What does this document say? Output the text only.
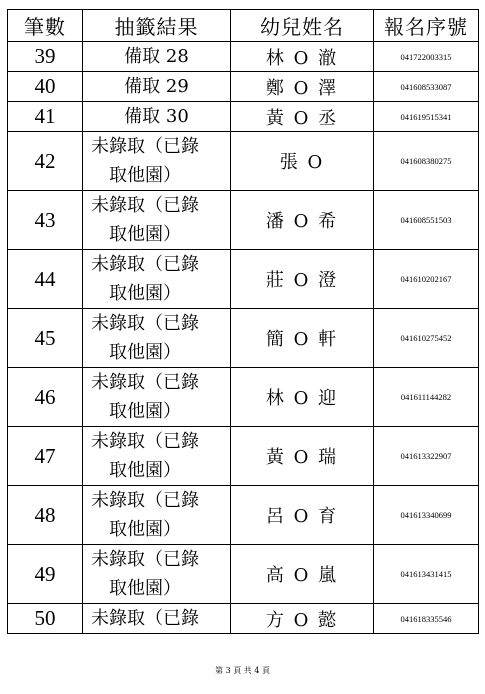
筆數	抽籤結果	幼兒姓名	報名序號
39	備取 28	林 O 澈	041722003315
40	備取 29	鄭 O 澤	041608533087
41	備取 30	黃 O 丞	041619515341
42	未錄取（已錄
取他園）	張 O	041608380275
43	未錄取（已錄
取他園）	潘 O 希	041608551503
44	未錄取（已錄
取他園）	莊 O 澄	041610202167
45	未錄取（已錄
取他園）	簡 O 軒	041610275452
46	未錄取（已錄
取他園）	林 O 迎	041611144282
47	未錄取（已錄
取他園）	黃 O 瑞	041613322907
48	未錄取（已錄
取他園）	呂 O 育	041613340699
49	未錄取（已錄
取他園）	高 O 嵐	041613431415
50	未錄取（已錄	方 O 懿	041618335546
第 3 頁 共 4 頁
